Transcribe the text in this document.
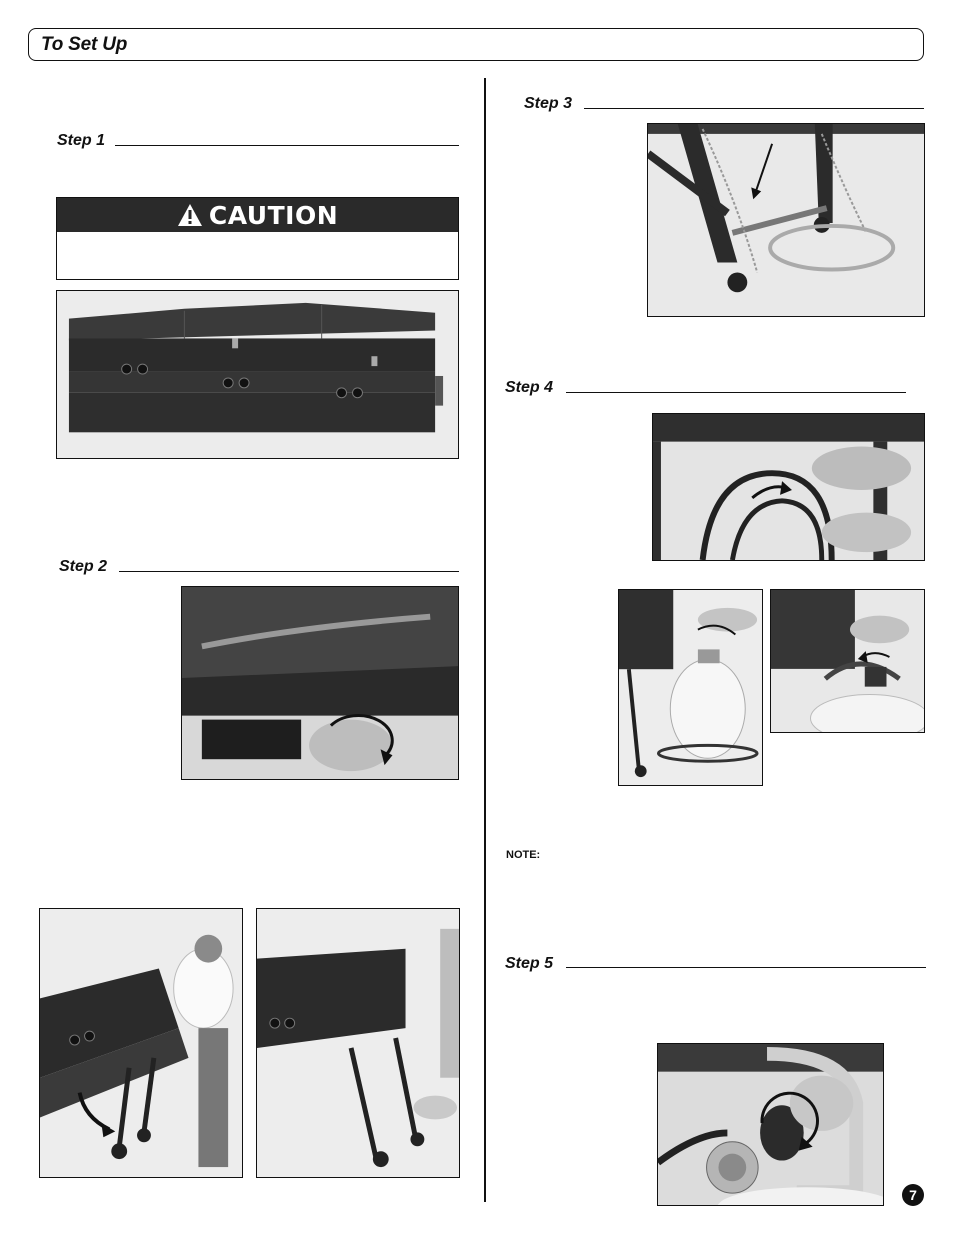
To Set Up
Step 1
CAUTION
Step 2
Step 3
Step 4
NOTE:
Step 5
7
